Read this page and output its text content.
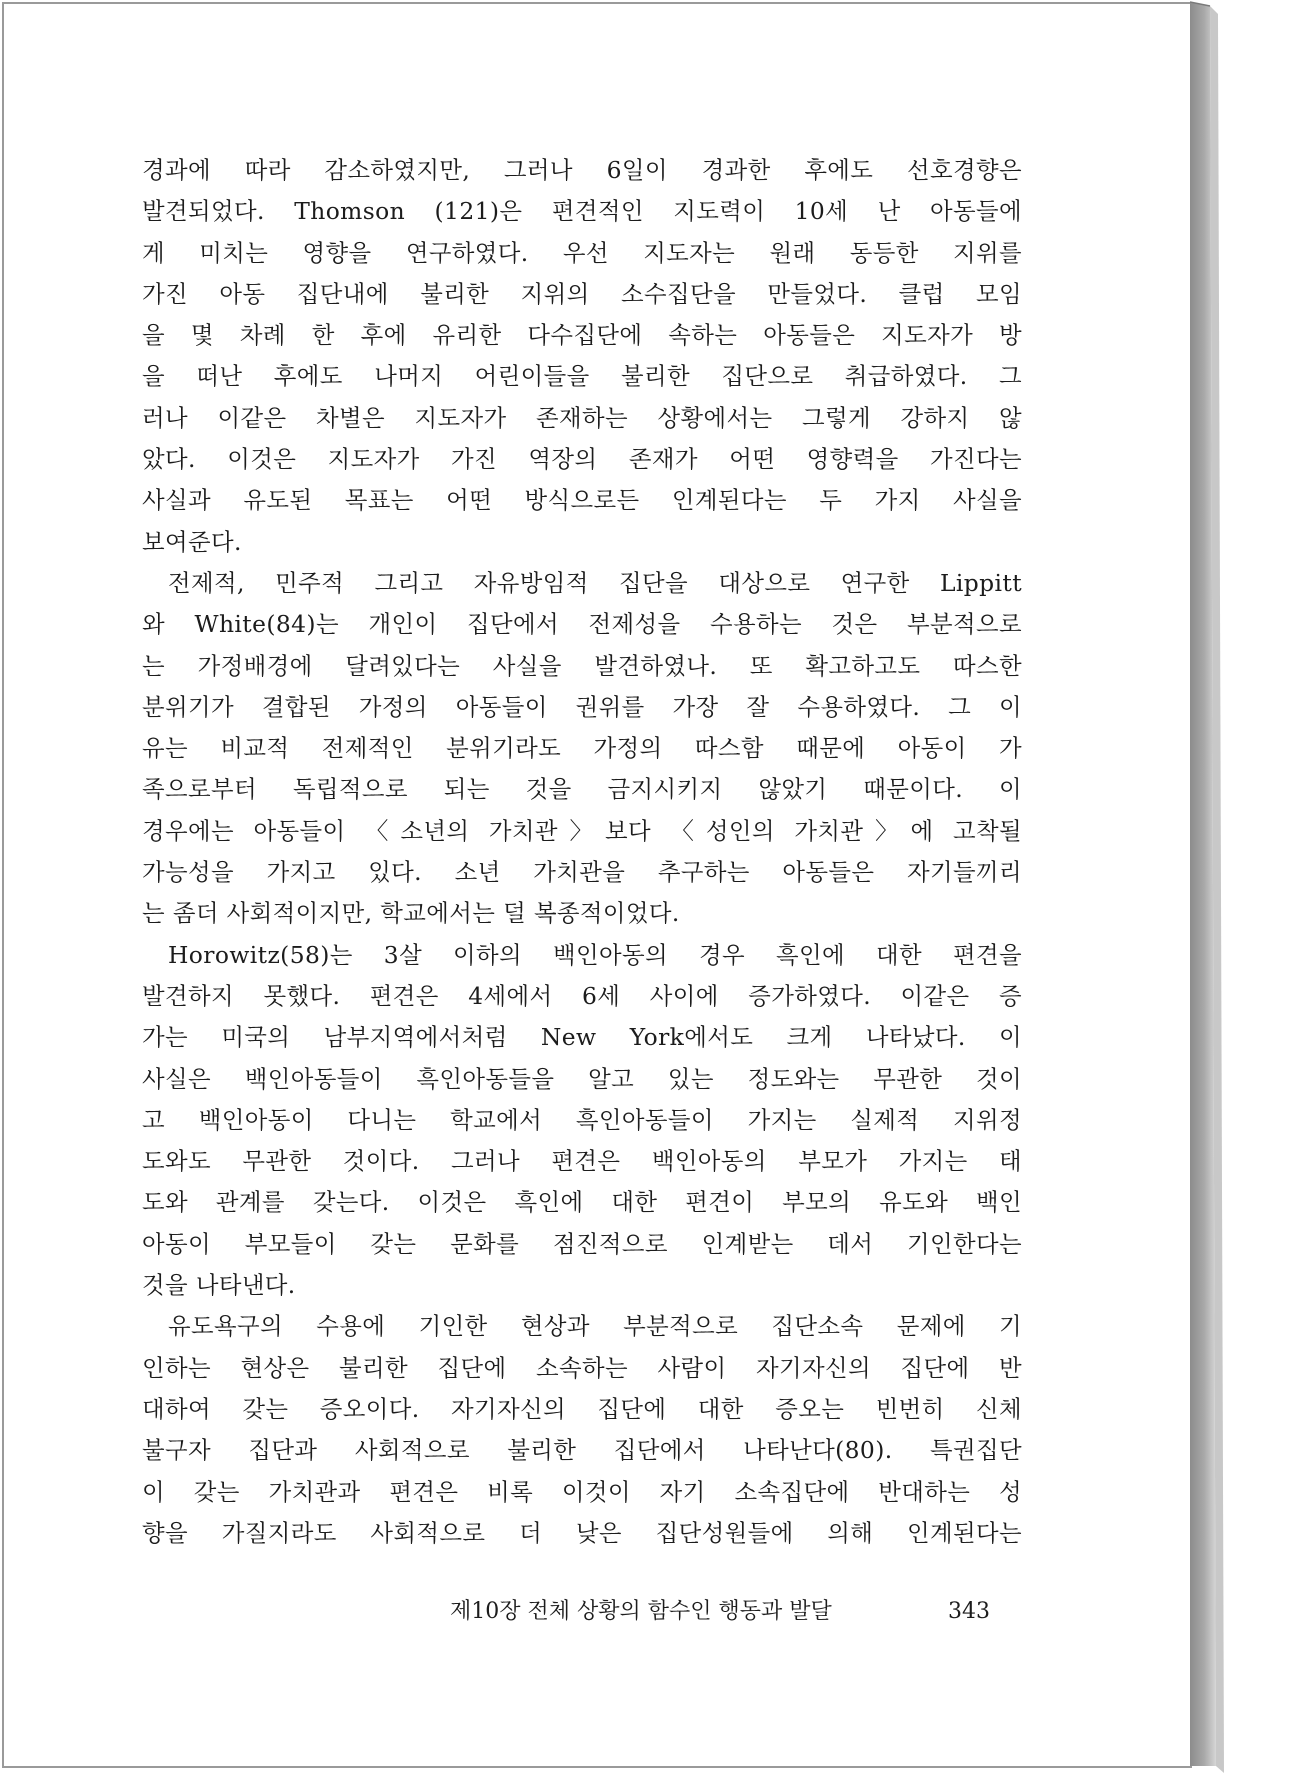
경과에 따라 감소하였지만, 그러나 6일이 경과한 후에도 선호경향은
발견되었다. Thomson (121)은 편견적인 지도력이 10세 난 아동들에
게 미치는 영향을 연구하였다. 우선 지도자는 원래 동등한 지위를
가진 아동 집단내에 불리한 지위의 소수집단을 만들었다. 클럽 모임
을 몇 차례 한 후에 유리한 다수집단에 속하는 아동들은 지도자가 방
을 떠난 후에도 나머지 어린이들을 불리한 집단으로 취급하였다. 그
러나 이같은 차별은 지도자가 존재하는 상황에서는 그렇게 강하지 않
았다. 이것은 지도자가 가진 역장의 존재가 어떤 영향력을 가진다는
사실과 유도된 목표는 어떤 방식으로든 인계된다는 두 가지 사실을
보여준다.
전제적, 민주적 그리고 자유방임적 집단을 대상으로 연구한 Lippitt
와 White(84)는 개인이 집단에서 전제성을 수용하는 것은 부분적으로
는 가정배경에 달려있다는 사실을 발견하였나. 또 확고하고도 따스한
분위기가 결합된 가정의 아동들이 권위를 가장 잘 수용하였다. 그 이
유는 비교적 전제적인 분위기라도 가정의 따스함 때문에 아동이 가
족으로부터 독립적으로 되는 것을 금지시키지 않았기 때문이다. 이
경우에는 아동들이 〈소년의 가치관〉보다 〈성인의 가치관〉에 고착될
가능성을 가지고 있다. 소년 가치관을 추구하는 아동들은 자기들끼리
는 좀더 사회적이지만, 학교에서는 덜 복종적이었다.
Horowitz(58)는 3살 이하의 백인아동의 경우 흑인에 대한 편견을
발견하지 못했다. 편견은 4세에서 6세 사이에 증가하였다. 이같은 증
가는 미국의 남부지역에서처럼 New York에서도 크게 나타났다. 이
사실은 백인아동들이 흑인아동들을 알고 있는 정도와는 무관한 것이
고 백인아동이 다니는 학교에서 흑인아동들이 가지는 실제적 지위정
도와도 무관한 것이다. 그러나 편견은 백인아동의 부모가 가지는 태
도와 관계를 갖는다. 이것은 흑인에 대한 편견이 부모의 유도와 백인
아동이 부모들이 갖는 문화를 점진적으로 인계받는 데서 기인한다는
것을 나타낸다.
유도욕구의 수용에 기인한 현상과 부분적으로 집단소속 문제에 기
인하는 현상은 불리한 집단에 소속하는 사람이 자기자신의 집단에 반
대하여 갖는 증오이다. 자기자신의 집단에 대한 증오는 빈번히 신체
불구자 집단과 사회적으로 불리한 집단에서 나타난다(80). 특권집단
이 갖는 가치관과 편견은 비록 이것이 자기 소속집단에 반대하는 성
향을 가질지라도 사회적으로 더 낮은 집단성원들에 의해 인계된다는
제10장 전체 상황의 함수인 행동과 발달	343
